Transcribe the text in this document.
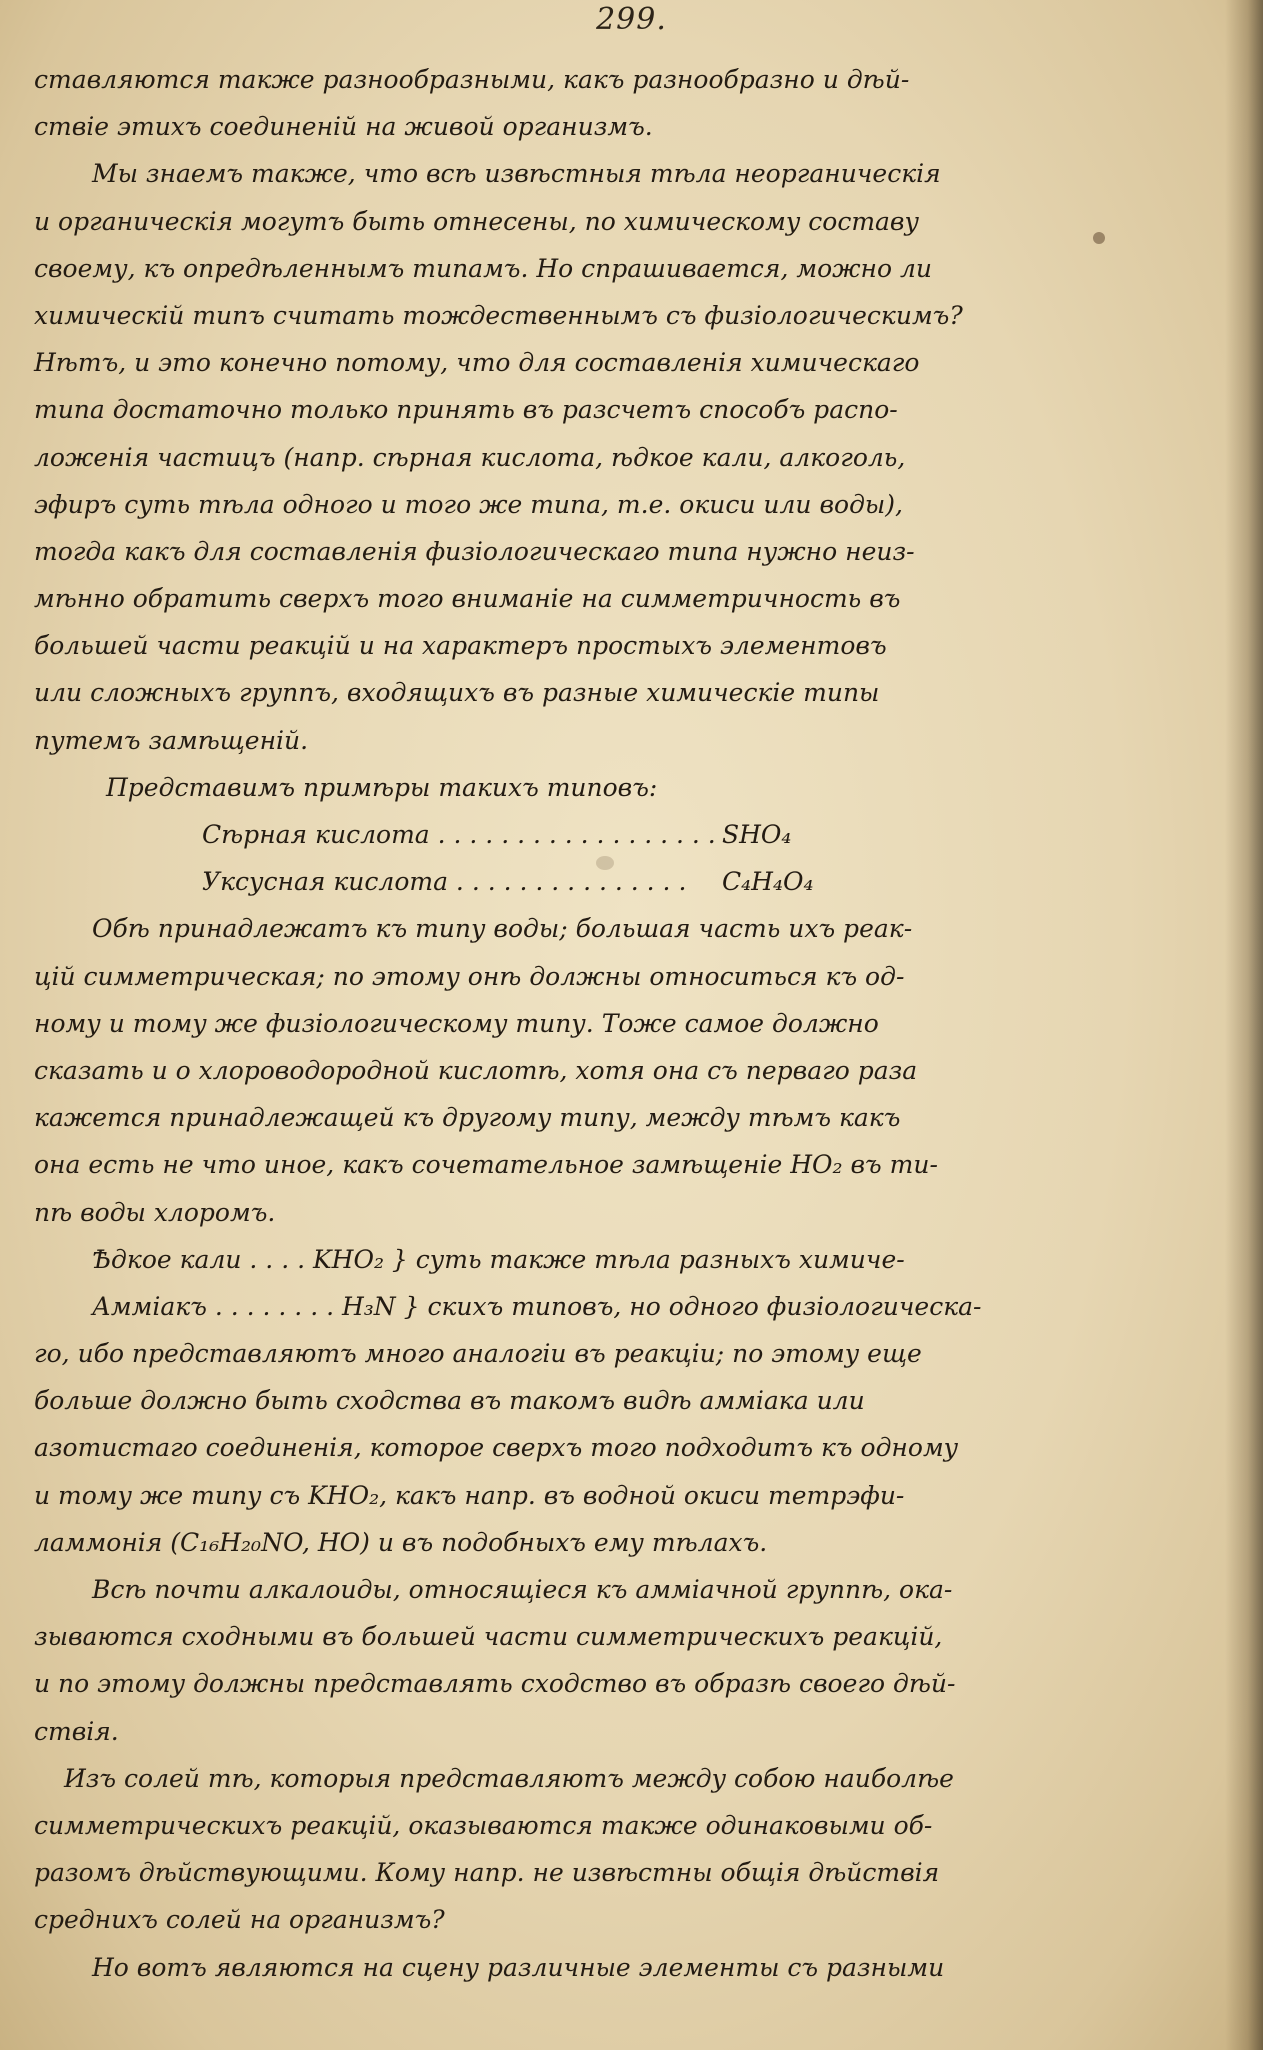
299.
ставляются также разнообразными, какъ разнообразно и дѣй-
ствіе этихъ соединеній на живой организмъ.
Мы знаемъ также, что всѣ извѣстныя тѣла неорганическія
и органическія могутъ быть отнесены, по химическому составу
своему, къ опредѣленнымъ типамъ. Но спрашивается, можно ли
химическій типъ считать тождественнымъ съ физіологическимъ?
Нѣтъ, и это конечно потому, что для составленія химическаго
типа достаточно только принять въ разсчетъ способъ распо-
ложенія частицъ (напр. сѣрная кислота, ѣдкое кали, алкоголь,
эфиръ суть тѣла одного и того же типа, т.е. окиси или воды),
тогда какъ для составленія физіологическаго типа нужно неиз-
мѣнно обратить сверхъ того вниманіе на симметричность въ
большей части реакцій и на характеръ простыхъ элементовъ
или сложныхъ группъ, входящихъ въ разные химическіе типы
путемъ замѣщеній.
Представимъ примѣры такихъ типовъ:
Сѣрная кислота . . . . . . . . . . . . . . . . . . SHO₄
Уксусная кислота . . . . . . . . . . . . . . .	C₄H₄O₄
Обѣ принадлежатъ къ типу воды; большая часть ихъ реак-
цій симметрическая; по этому онѣ должны относиться къ од-
ному и тому же физіологическому типу. Тоже самое должно
сказать и о хлороводородной кислотѣ, хотя она съ перваго раза
кажется принадлежащей къ другому типу, между тѣмъ какъ
она есть не что иное, какъ сочетательное замѣщеніе HO₂ въ ти-
пѣ воды хлоромъ.
Ѣдкое кали . . . . KHO₂ } суть также тѣла разныхъ химиче-
Аммiакъ . . . . . . . . H₃N } скихъ типовъ, но одного физіологическа-
го, ибо представляютъ много аналогіи въ реакціи; по этому еще
больше должно быть сходства въ такомъ видѣ аммiака или
азотистаго соединенія, которое сверхъ того подходитъ къ одному
и тому же типу съ KHO₂, какъ напр. въ водной окиси тетрэфи-
ламмонія (C₁₆H₂₀NO, HO) и въ подобныхъ ему тѣлахъ.
Всѣ почти алкалоиды, относящіеся къ аммiачной группѣ, ока-
зываются сходными въ большей части симметрическихъ реакцій,
и по этому должны представлять сходство въ образѣ своего дѣй-
ствія.
Изъ солей тѣ, которыя представляютъ между собою наиболѣе
симметрическихъ реакцій, оказываются также одинаковыми об-
разомъ дѣйствующими. Кому напр. не извѣстны общія дѣйствія
среднихъ солей на организмъ?
Но вотъ являются на сцену различные элементы съ разными
